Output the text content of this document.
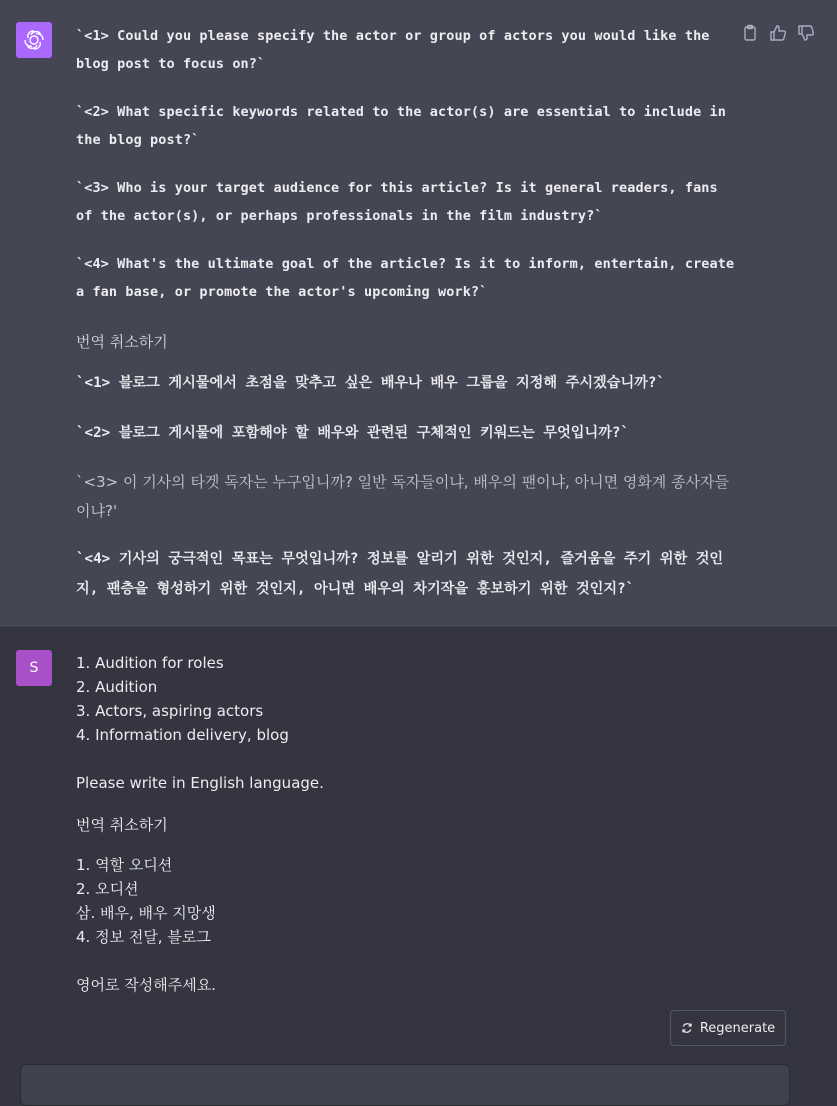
`<1> Could you please specify the actor or group of actors you would like the blog post to focus on?`

`<2> What specific keywords related to the actor(s) are essential to include in the blog post?`

`<3> Who is your target audience for this article? Is it general readers, fans of the actor(s), or perhaps professionals in the film industry?`

`<4> What's the ultimate goal of the article? Is it to inform, entertain, create a fan base, or promote the actor's upcoming work?`

번역 취소하기

`<1> 블로그 게시물에서 초점을 맞추고 싶은 배우나 배우 그룹을 지정해 주시겠습니까?`

`<2> 블로그 게시물에 포함해야 할 배우와 관련된 구체적인 키워드는 무엇입니까?`

`<3> 이 기사의 타겟 독자는 누구입니까? 일반 독자들이냐, 배우의 팬이냐, 아니면 영화계 종사자들이냐?'

`<4> 기사의 궁극적인 목표는 무엇입니까? 정보를 알리기 위한 것인지, 즐거움을 주기 위한 것인지, 팬층을 형성하기 위한 것인지, 아니면 배우의 차기작을 홍보하기 위한 것인지?`

S	1. Audition for roles
2. Audition
3. Actors, aspiring actors
4. Information delivery, blog
Please write in English language.
번역 취소하기
1. 역할 오디션
2. 오디션
삼. 배우, 배우 지망생
4. 정보 전달, 블로그
영어로 작성해주세요.
Regenerate
